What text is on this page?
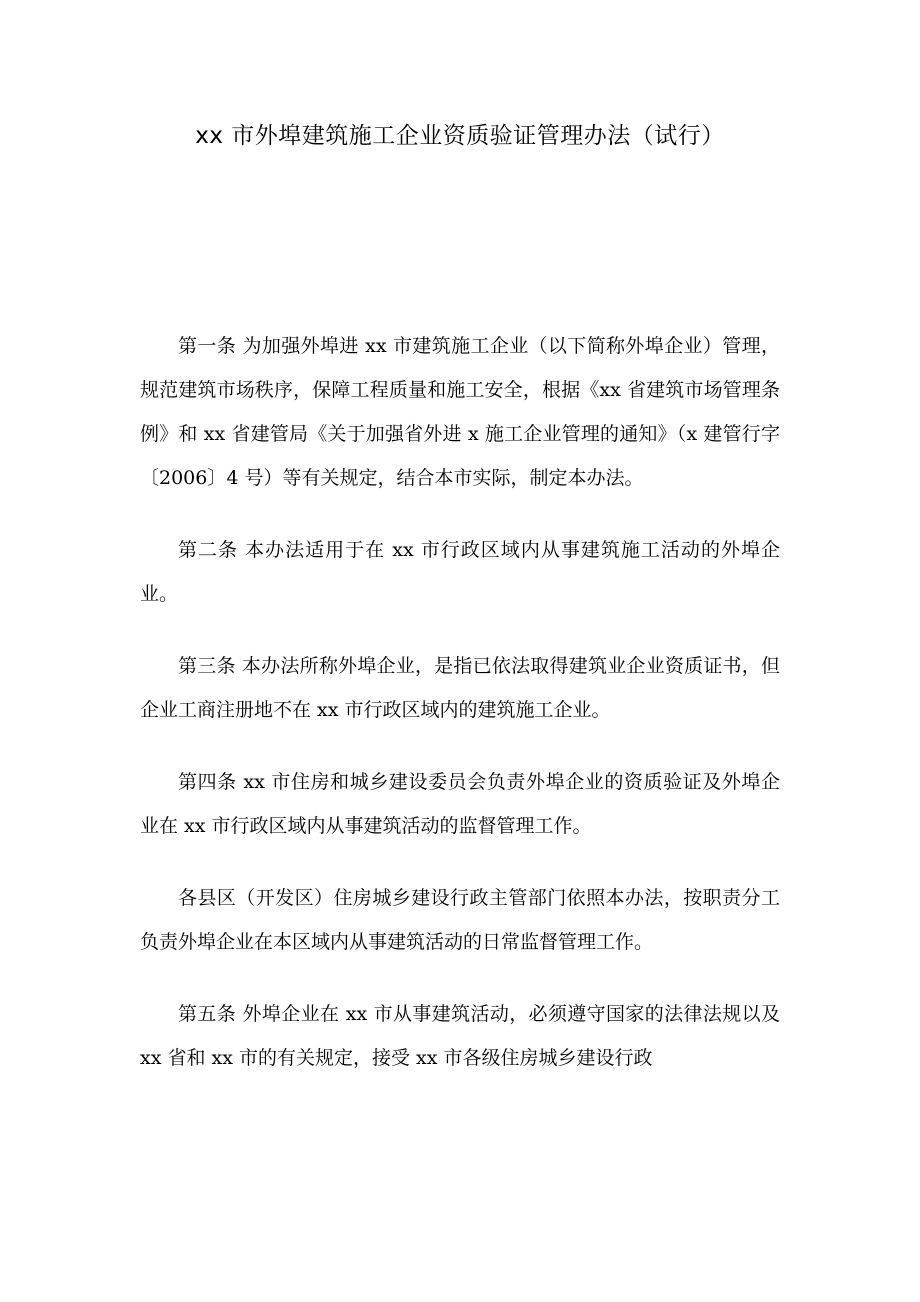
xx 市外埠建筑施工企业资质验证管理办法（试行）

第一条 为加强外埠进 xx 市建筑施工企业（以下简称外埠企业）管理，规范建筑市场秩序，保障工程质量和施工安全，根据《xx 省建筑市场管理条例》和 xx 省建管局《关于加强省外进 x 施工企业管理的通知》（x 建管行字〔2006〕4 号）等有关规定，结合本市实际，制定本办法。

第二条 本办法适用于在 xx 市行政区域内从事建筑施工活动的外埠企业。

第三条 本办法所称外埠企业，是指已依法取得建筑业企业资质证书，但企业工商注册地不在 xx 市行政区域内的建筑施工企业。

第四条 xx 市住房和城乡建设委员会负责外埠企业的资质验证及外埠企业在 xx 市行政区域内从事建筑活动的监督管理工作。

各县区（开发区）住房城乡建设行政主管部门依照本办法，按职责分工负责外埠企业在本区域内从事建筑活动的日常监督管理工作。

第五条 外埠企业在 xx 市从事建筑活动，必须遵守国家的法律法规以及 xx 省和 xx 市的有关规定，接受 xx 市各级住房城乡建设行政
